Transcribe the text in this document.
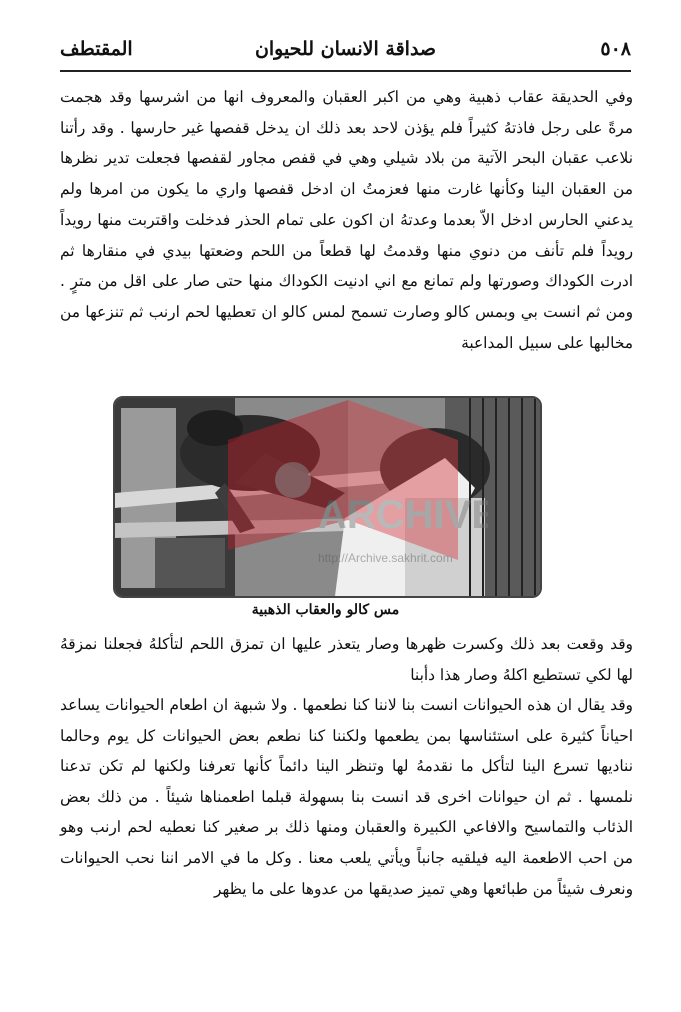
٥٠٨
صداقة الانسان للحيوان
المقتطف

وفي الحديقة عقاب ذهبية وهي من اكبر العقبان والمعروف انها من اشرسها وقد هجمت مرةً على رجل فاذتهُ كثيراً فلم يؤذن لاحد بعد ذلك ان يدخل قفصها غير حارسها . وقد رأتنا نلاعب عقبان البحر الآتية من بلاد شيلي وهي في قفص مجاور لقفصها فجعلت تدير نظرها من العقبان الينا وكأنها غارت منها فعزمتُ ان ادخل قفصها واري ما يكون من امرها ولم يدعني الحارس ادخل الاّ بعدما وعدتهُ ان اكون على تمام الحذر فدخلت واقتربت منها رويداً رويداً فلم تأنف من دنوي منها وقدمتُ لها قطعاً من اللحم وضعتها بيدي في منقارها ثم ادرت الكوداك وصورتها ولم تمانع مع اني ادنيت الكوداك منها حتى صار على اقل من مترٍ . ومن ثم انست بي وبمس كالو وصارت تسمح لمس كالو ان تعطيها لحم ارنب ثم تنزعها من مخالبها على سبيل المداعبة

ARCHIVE
http://Archive.sakhrit.com
مس كالو والعقاب الذهبية

وقد وقعت بعد ذلك وكسرت ظهرها وصار يتعذر عليها ان تمزق اللحم لتأكلهُ فجعلنا نمزقهُ لها لكي تستطيع اكلهُ وصار هذا دأبنا

وقد يقال ان هذه الحيوانات انست بنا لاننا كنا نطعمها . ولا شبهة ان اطعام الحيوانات يساعد احياناً كثيرة على استئناسها بمن يطعمها ولكننا كنا نطعم بعض الحيوانات كل يوم وحالما نناديها تسرع الينا لتأكل ما نقدمهُ لها وتنظر الينا دائماً كأنها تعرفنا ولكنها لم تكن تدعنا نلمسها . ثم ان حيوانات اخرى قد انست بنا بسهولة قبلما اطعمناها شيئاً . من ذلك بعض الذئاب والتماسيح والافاعي الكبيرة والعقبان ومنها ذلك بر صغير كنا نعطيه لحم ارنب وهو من احب الاطعمة اليه فيلقيه جانباً ويأتي يلعب معنا . وكل ما في الامر اننا نحب الحيوانات ونعرف شيئاً من طبائعها وهي تميز صديقها من عدوها على ما يظهر
